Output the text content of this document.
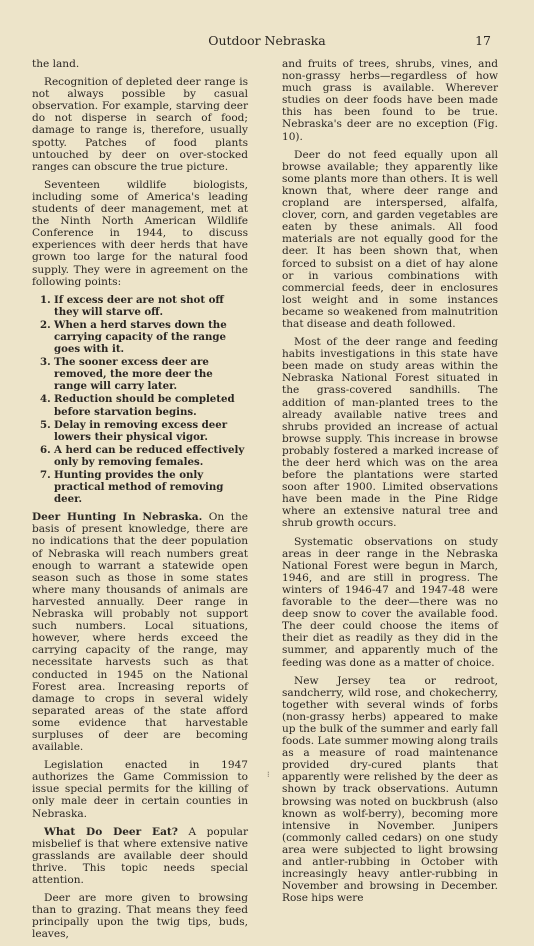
Outdoor Nebraska	17

the land.

Recognition of depleted deer range is not always possible by casual observation. For example, starving deer do not disperse in search of food; damage to range is, therefore, usually spotty. Patches of food plants untouched by deer on over-stocked ranges can obscure the true picture.

Seventeen wildlife biologists, including some of America's leading students of deer management, met at the Ninth North American Wildlife Conference in 1944, to discuss experiences with deer herds that have grown too large for the natural food supply. They were in agreement on the following points:

1. If excess deer are not shot off they will starve off.
2. When a herd starves down the carrying capacity of the range goes with it.
3. The sooner excess deer are removed, the more deer the range will carry later.
4. Reduction should be completed before starvation begins.
5. Delay in removing excess deer lowers their physical vigor.
6. A herd can be reduced effectively only by removing females.
7. Hunting provides the only practical method of removing deer.

Deer Hunting In Nebraska. On the basis of present knowledge, there are no indications that the deer population of Nebraska will reach numbers great enough to warrant a statewide open season such as those in some states where many thousands of animals are harvested annually. Deer range in Nebraska will probably not support such numbers. Local situations, however, where herds exceed the carrying capacity of the range, may necessitate harvests such as that conducted in 1945 on the National Forest area. Increasing reports of damage to crops in several widely separated areas of the state afford some evidence that harvestable surpluses of deer are becoming available.

Legislation enacted in 1947 authorizes the Game Commission to issue special permits for the killing of only male deer in certain counties in Nebraska.

What Do Deer Eat? A popular misbelief is that where extensive native grasslands are available deer should thrive. This topic needs special attention.

Deer are more given to browsing than to grazing. That means they feed principally upon the twig tips, buds, leaves,

and fruits of trees, shrubs, vines, and non-grassy herbs—regardless of how much grass is available. Wherever studies on deer foods have been made this has been found to be true. Nebraska's deer are no exception (Fig. 10).

Deer do not feed equally upon all browse available; they apparently like some plants more than others. It is well known that, where deer range and cropland are interspersed, alfalfa, clover, corn, and garden vegetables are eaten by these animals. All food materials are not equally good for the deer. It has been shown that, when forced to subsist on a diet of hay alone or in various combinations with commercial feeds, deer in enclosures lost weight and in some instances became so weakened from malnutrition that disease and death followed.

Most of the deer range and feeding habits investigations in this state have been made on study areas within the Nebraska National Forest situated in the grass-covered sandhills. The addition of man-planted trees to the already available native trees and shrubs provided an increase of actual browse supply. This increase in browse probably fostered a marked increase of the deer herd which was on the area before the plantations were started soon after 1900. Limited observations have been made in the Pine Ridge where an extensive natural tree and shrub growth occurs.

Systematic observations on study areas in deer range in the Nebraska National Forest were begun in March, 1946, and are still in progress. The winters of 1946-47 and 1947-48 were favorable to the deer—there was no deep snow to cover the available food. The deer could choose the items of their diet as readily as they did in the summer, and apparently much of the feeding was done as a matter of choice.

New Jersey tea or redroot, sandcherry, wild rose, and chokecherry, together with several winds of forbs (non-grassy herbs) appeared to make up the bulk of the summer and early fall foods. Late summer mowing along trails as a measure of road maintenance provided dry-cured plants that apparently were relished by the deer as shown by track observations. Autumn browsing was noted on buckbrush (also known as wolf-berry), becoming more intensive in November. Junipers (commonly called cedars) on one study area were subjected to light browsing and antler-rubbing in October with increasingly heavy antler-rubbing in November and browsing in December. Rose hips were

⁝
